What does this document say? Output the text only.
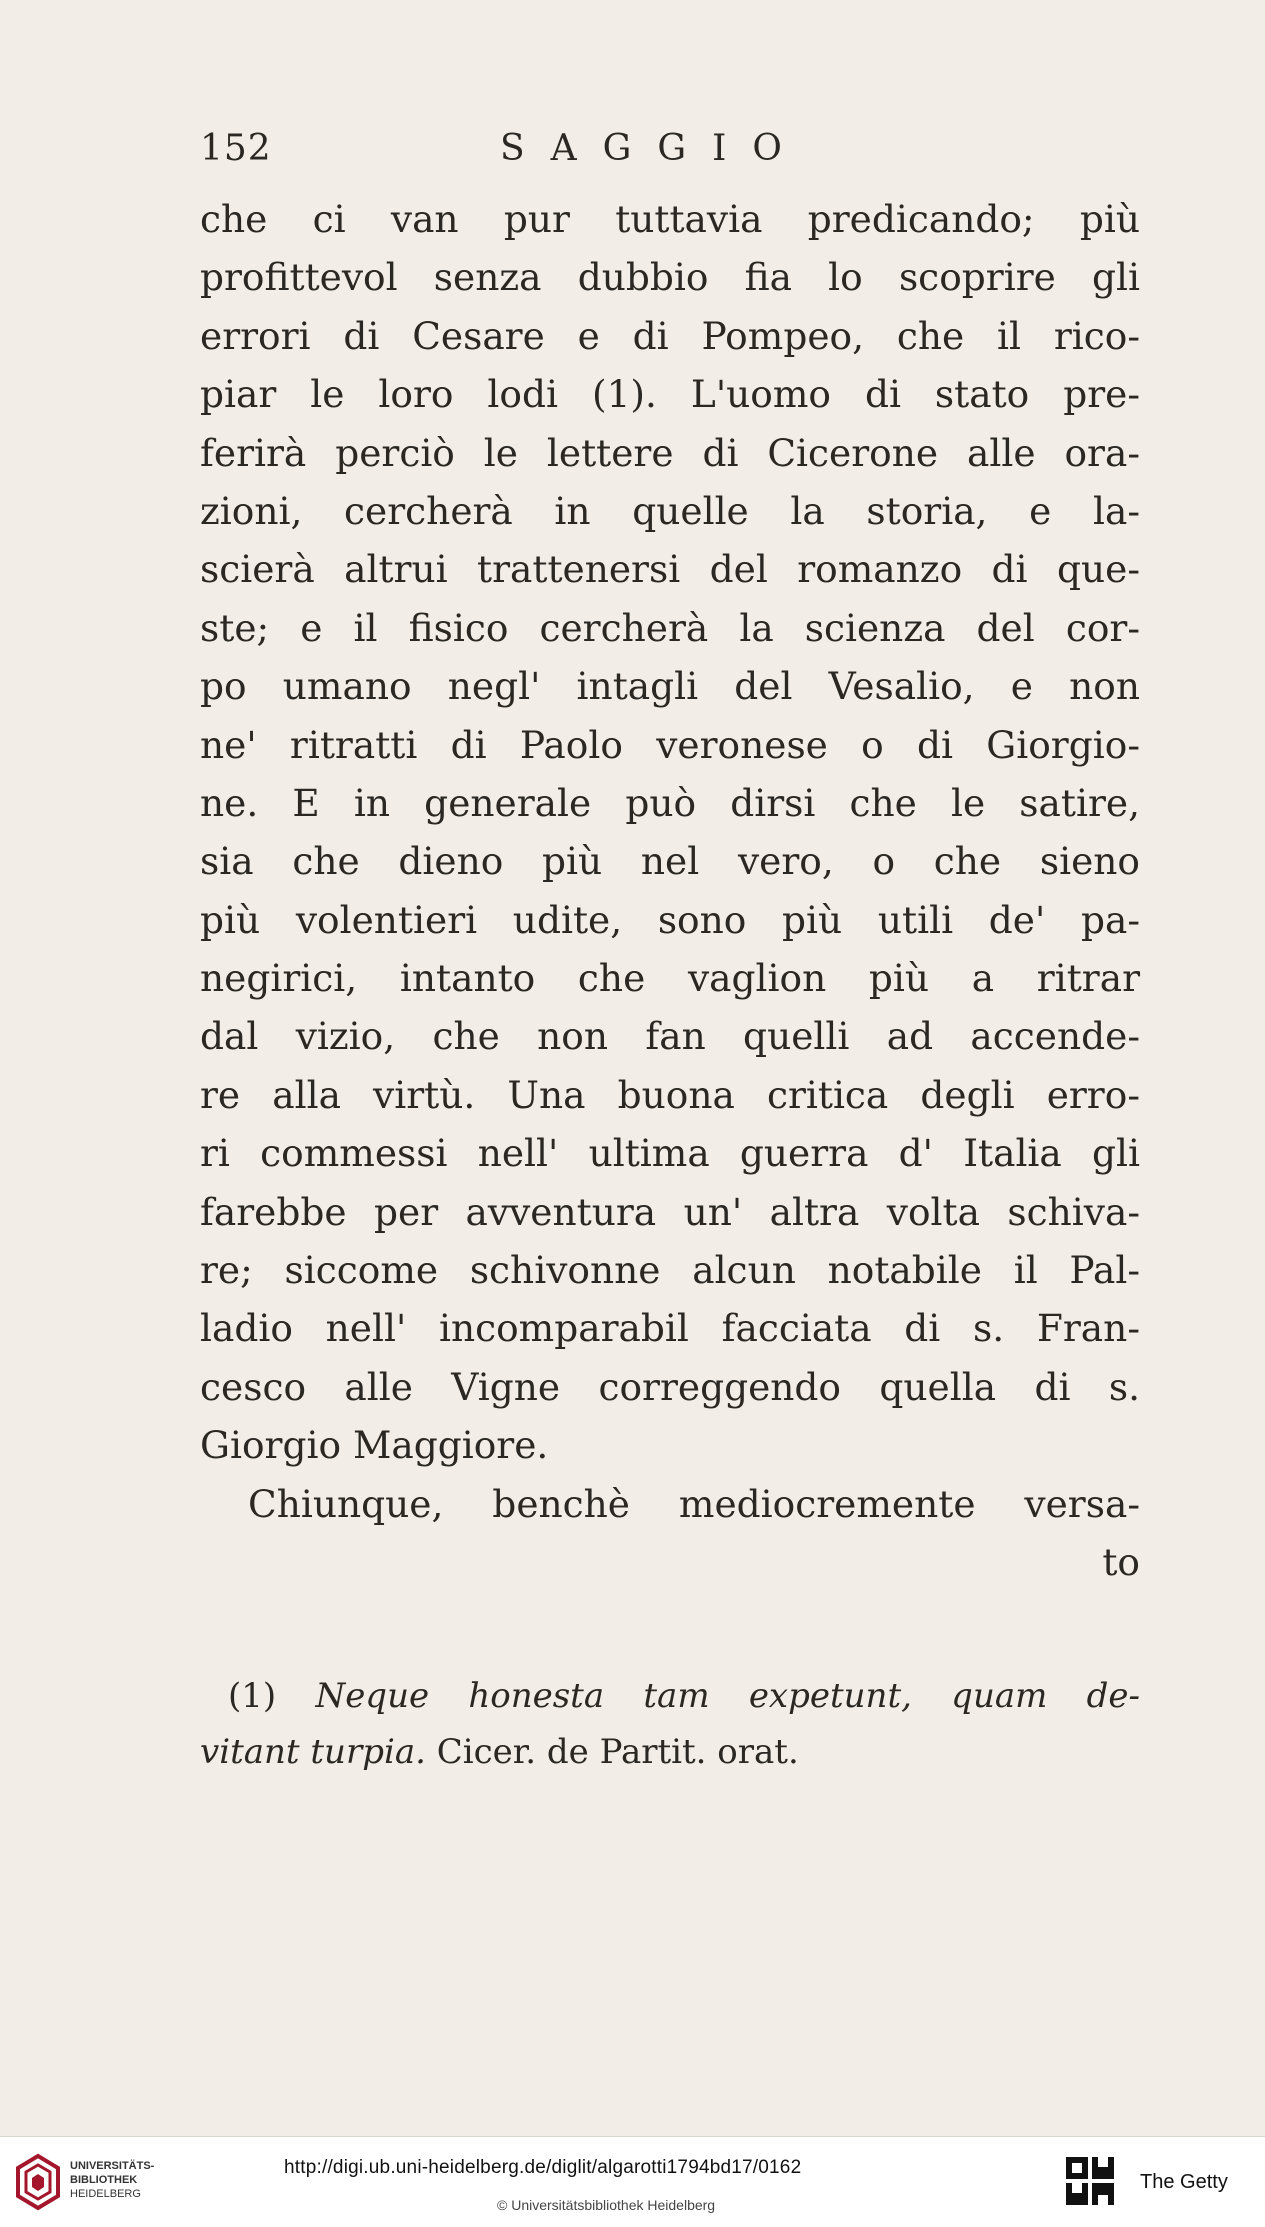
152	SAGGIO
che ci van pur tuttavia predicando; più
profittevol senza dubbio fia lo scoprire gli
errori di Cesare e di Pompeo, che il rico-
piar le loro lodi (1). L'uomo di stato pre-
ferirà perciò le lettere di Cicerone alle ora-
zioni, cercherà in quelle la storia, e la-
scierà altrui trattenersi del romanzo di que-
ste; e il fisico cercherà la scienza del cor-
po umano negl' intagli del Vesalio, e non
ne' ritratti di Paolo veronese o di Giorgio-
ne. E in generale può dirsi che le satire,
sia che dieno più nel vero, o che sieno
più volentieri udite, sono più utili de' pa-
negirici, intanto che vaglion più a ritrar
dal vizio, che non fan quelli ad accende-
re alla virtù. Una buona critica degli erro-
ri commessi nell' ultima guerra d' Italia gli
farebbe per avventura un' altra volta schiva-
re; siccome schivonne alcun notabile il Pal-
ladio nell' incomparabil facciata di s. Fran-
cesco alle Vigne correggendo quella di s.
Giorgio Maggiore.
Chiunque, benchè mediocremente versa-
to
(1) Neque honesta tam expetunt, quam de-
vitant turpia. Cicer. de Partit. orat.
UNIVERSITÄTS-
BIBLIOTHEK
HEIDELBERG
http://digi.ub.uni-heidelberg.de/diglit/algarotti1794bd17/0162
© Universitätsbibliothek Heidelberg
The Getty
